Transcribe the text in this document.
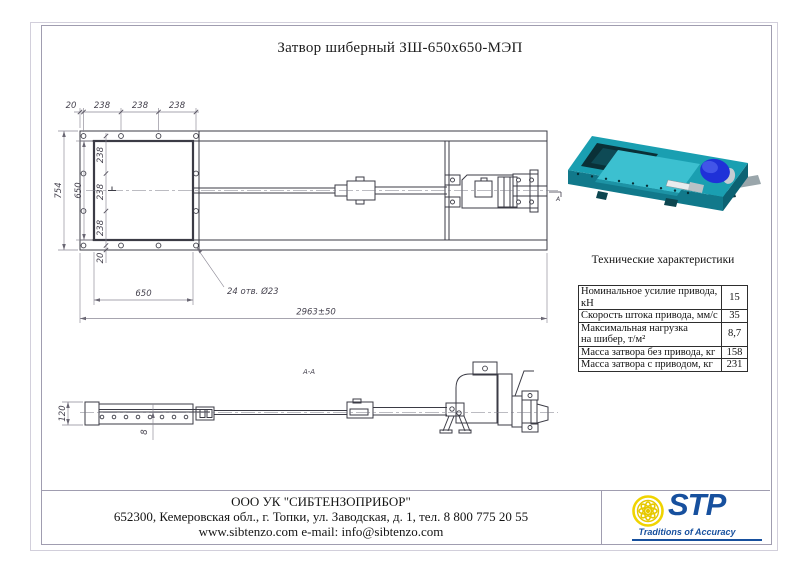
Затвор шиберный ЗШ-650х650-МЭП
20 238	238 238
754 650
238
238
238
20
650	24 отв. Ø23
2963±50
А
А-А
120
8
Технические характеристики
Номинальное усилие привода, кН	15
Скорость штока привода, мм/с	35

Максимальная нагрузка
на шибер, т/м²	8,7
Масса затвора без привода, кг	158
Масса затвора с приводом, кг	231
ООО УК "СИБТЕНЗОПРИБОР"
652300, Кемеровская обл., г. Топки, ул. Заводская, д. 1, тел. 8 800 775 20 55
www.sibtenzo.com e-mail: info@sibtenzo.com
STP
Traditions of Accuracy
